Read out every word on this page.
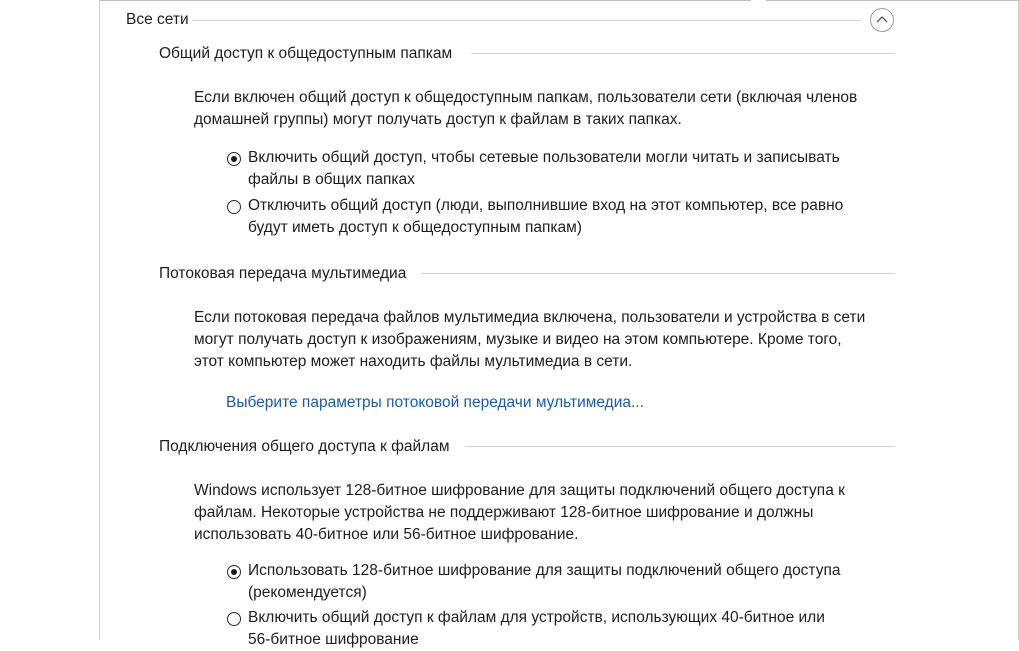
Все сети
Общий доступ к общедоступным папкам
Если включен общий доступ к общедоступным папкам, пользователи сети (включая членов
домашней группы) могут получать доступ к файлам в таких папках.
Включить общий доступ, чтобы сетевые пользователи могли читать и записывать
файлы в общих папках
Отключить общий доступ (люди, выполнившие вход на этот компьютер, все равно
будут иметь доступ к общедоступным папкам)
Потоковая передача мультимедиа
Если потоковая передача файлов мультимедиа включена, пользователи и устройства в сети
могут получать доступ к изображениям, музыке и видео на этом компьютере. Кроме того,
этот компьютер может находить файлы мультимедиа в сети.
Выберите параметры потоковой передачи мультимедиа...
Подключения общего доступа к файлам
Windows использует 128-битное шифрование для защиты подключений общего доступа к
файлам. Некоторые устройства не поддерживают 128-битное шифрование и должны
использовать 40-битное или 56-битное шифрование.
Использовать 128-битное шифрование для защиты подключений общего доступа
(рекомендуется)
Включить общий доступ к файлам для устройств, использующих 40-битное или
56-битное шифрование
